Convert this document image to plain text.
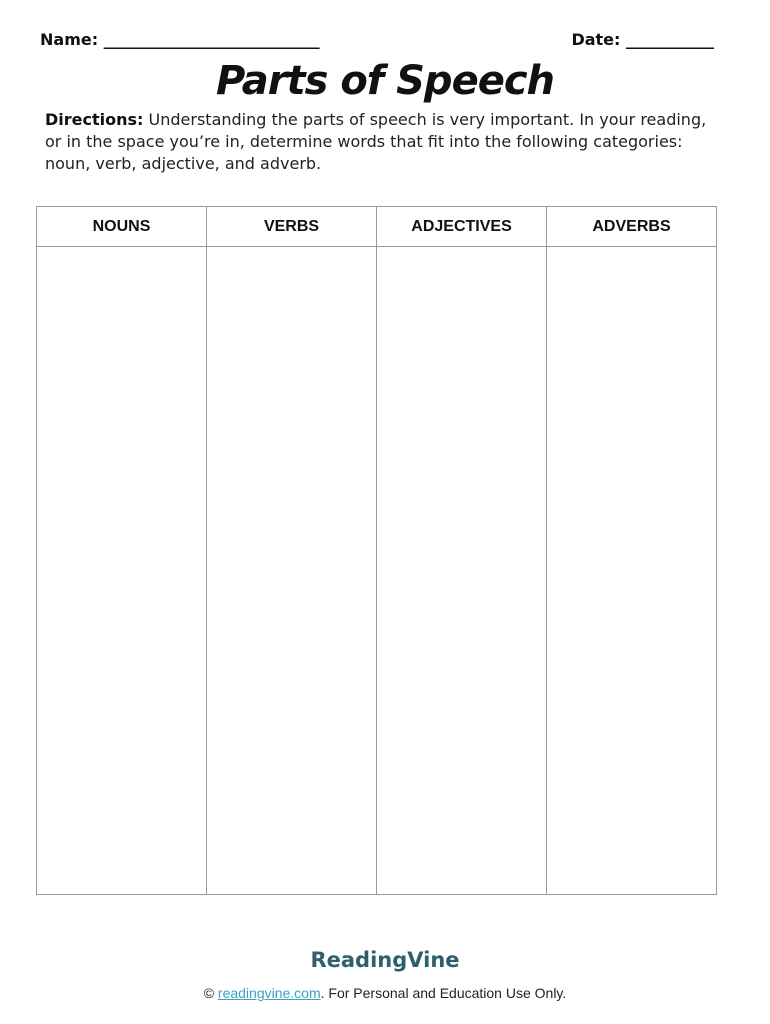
Name: ___________________________	Date: ___________
Parts of Speech
Directions: Understanding the parts of speech is very important. In your reading,
or in the space you’re in, determine words that fit into the following categories:
noun, verb, adjective, and adverb.
NOUNS	VERBS	ADJECTIVES	ADVERBS
ReadingVine
© readingvine.com. For Personal and Education Use Only.
